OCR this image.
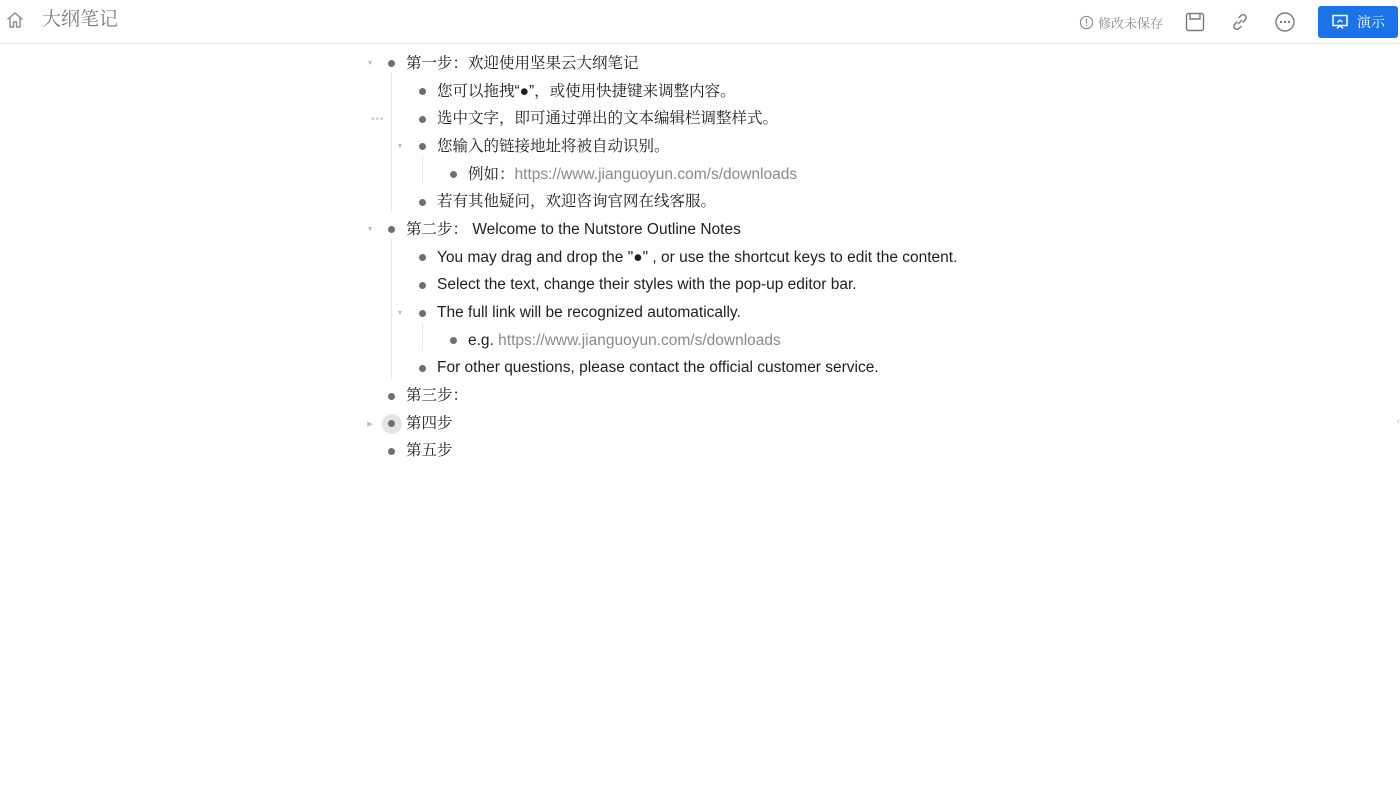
大纲笔记	修改未保存	演示
▼ 第一步：欢迎使用坚果云大纲笔记
您可以拖拽“●”，或使用快捷键来调整内容。
•••	选中文字，即可通过弹出的文本编辑栏调整样式。
▼ 您输入的链接地址将被自动识别。
例如：https://www.jianguoyun.com/s/downloads
若有其他疑问，欢迎咨询官网在线客服。
▼ 第二步： Welcome to the Nutstore Outline Notes
You may drag and drop the "●" , or use the shortcut keys to edit the content.
Select the text, change their styles with the pop-up editor bar.
▼ The full link will be recognized automatically.
e.g. https://www.jianguoyun.com/s/downloads
For other questions, please contact the official customer service.
第三步：
▶ 第四步
第五步
‹
